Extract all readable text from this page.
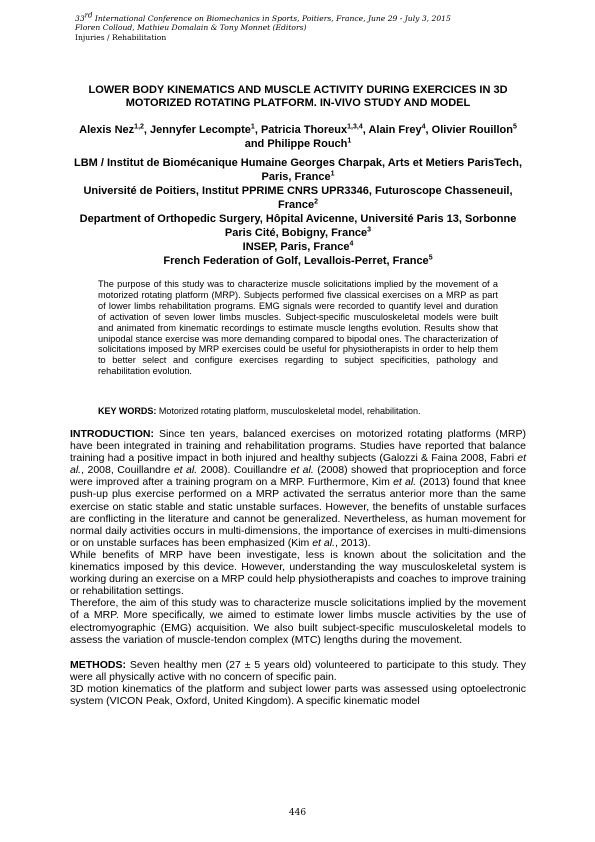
33rd International Conference on Biomechanics in Sports, Poitiers, France, June 29 - July 3, 2015
Floren Colloud, Mathieu Domalain & Tony Monnet (Editors)
Injuries / Rehabilitation
LOWER BODY KINEMATICS AND MUSCLE ACTIVITY DURING EXERCICES IN 3D MOTORIZED ROTATING PLATFORM. IN-VIVO STUDY AND MODEL
Alexis Nez$^{1,2}$, Jennyfer Lecompte$^1$, Patricia Thoreux$^{1,3,4}$, Alain Frey$^4$, Olivier Rouillon$^5$ and Philippe Rouch$^1$
LBM / Institut de Biomécanique Humaine Georges Charpak, Arts et Metiers ParisTech, Paris, France$^1$
Université de Poitiers, Institut PPRIME CNRS UPR3346, Futuroscope Chasseneuil, France$^2$
Department of Orthopedic Surgery, Hôpital Avicenne, Université Paris 13, Sorbonne Paris Cité, Bobigny, France$^3$
INSEP, Paris, France$^4$
French Federation of Golf, Levallois-Perret, France$^5$
The purpose of this study was to characterize muscle solicitations implied by the movement of a motorized rotating platform (MRP). Subjects performed five classical exercises on a MRP as part of lower limbs rehabilitation programs. EMG signals were recorded to quantify level and duration of activation of seven lower limbs muscles. Subject-specific musculoskeletal models were built and animated from kinematic recordings to estimate muscle lengths evolution. Results show that unipodal stance exercise was more demanding compared to bipodal ones. The characterization of solicitations imposed by MRP exercises could be useful for physiotherapists in order to help them to better select and configure exercises regarding to subject specificities, pathology and rehabilitation evolution.
KEY WORDS: Motorized rotating platform, musculoskeletal model, rehabilitation.

INTRODUCTION: Since ten years, balanced exercises on motorized rotating platforms (MRP) have been integrated in training and rehabilitation programs. Studies have reported that balance training had a positive impact in both injured and healthy subjects (Galozzi & Faina 2008, Fabri et al., 2008, Couillandre et al. 2008). Couillandre et al. (2008) showed that proprioception and force were improved after a training program on a MRP. Furthermore, Kim et al. (2013) found that knee push-up plus exercise performed on a MRP activated the serratus anterior more than the same exercise on static stable and static unstable surfaces. However, the benefits of unstable surfaces are conflicting in the literature and cannot be generalized. Nevertheless, as human movement for normal daily activities occurs in multi-dimensions, the importance of exercises in multi-dimensions or on unstable surfaces has been emphasized (Kim et al., 2013).

While benefits of MRP have been investigate, less is known about the solicitation and the kinematics imposed by this device. However, understanding the way musculoskeletal system is working during an exercise on a MRP could help physiotherapists and coaches to improve training or rehabilitation settings.

Therefore, the aim of this study was to characterize muscle solicitations implied by the movement of a MRP. More specifically, we aimed to estimate lower limbs muscle activities by the use of electromyographic (EMG) acquisition. We also built subject-specific musculoskeletal models to assess the variation of muscle-tendon complex (MTC) lengths during the movement.

METHODS: Seven healthy men (27 ± 5 years old) volunteered to participate to this study. They were all physically active with no concern of specific pain.

3D motion kinematics of the platform and subject lower parts was assessed using optoelectronic system (VICON Peak, Oxford, United Kingdom). A specific kinematic model

446
